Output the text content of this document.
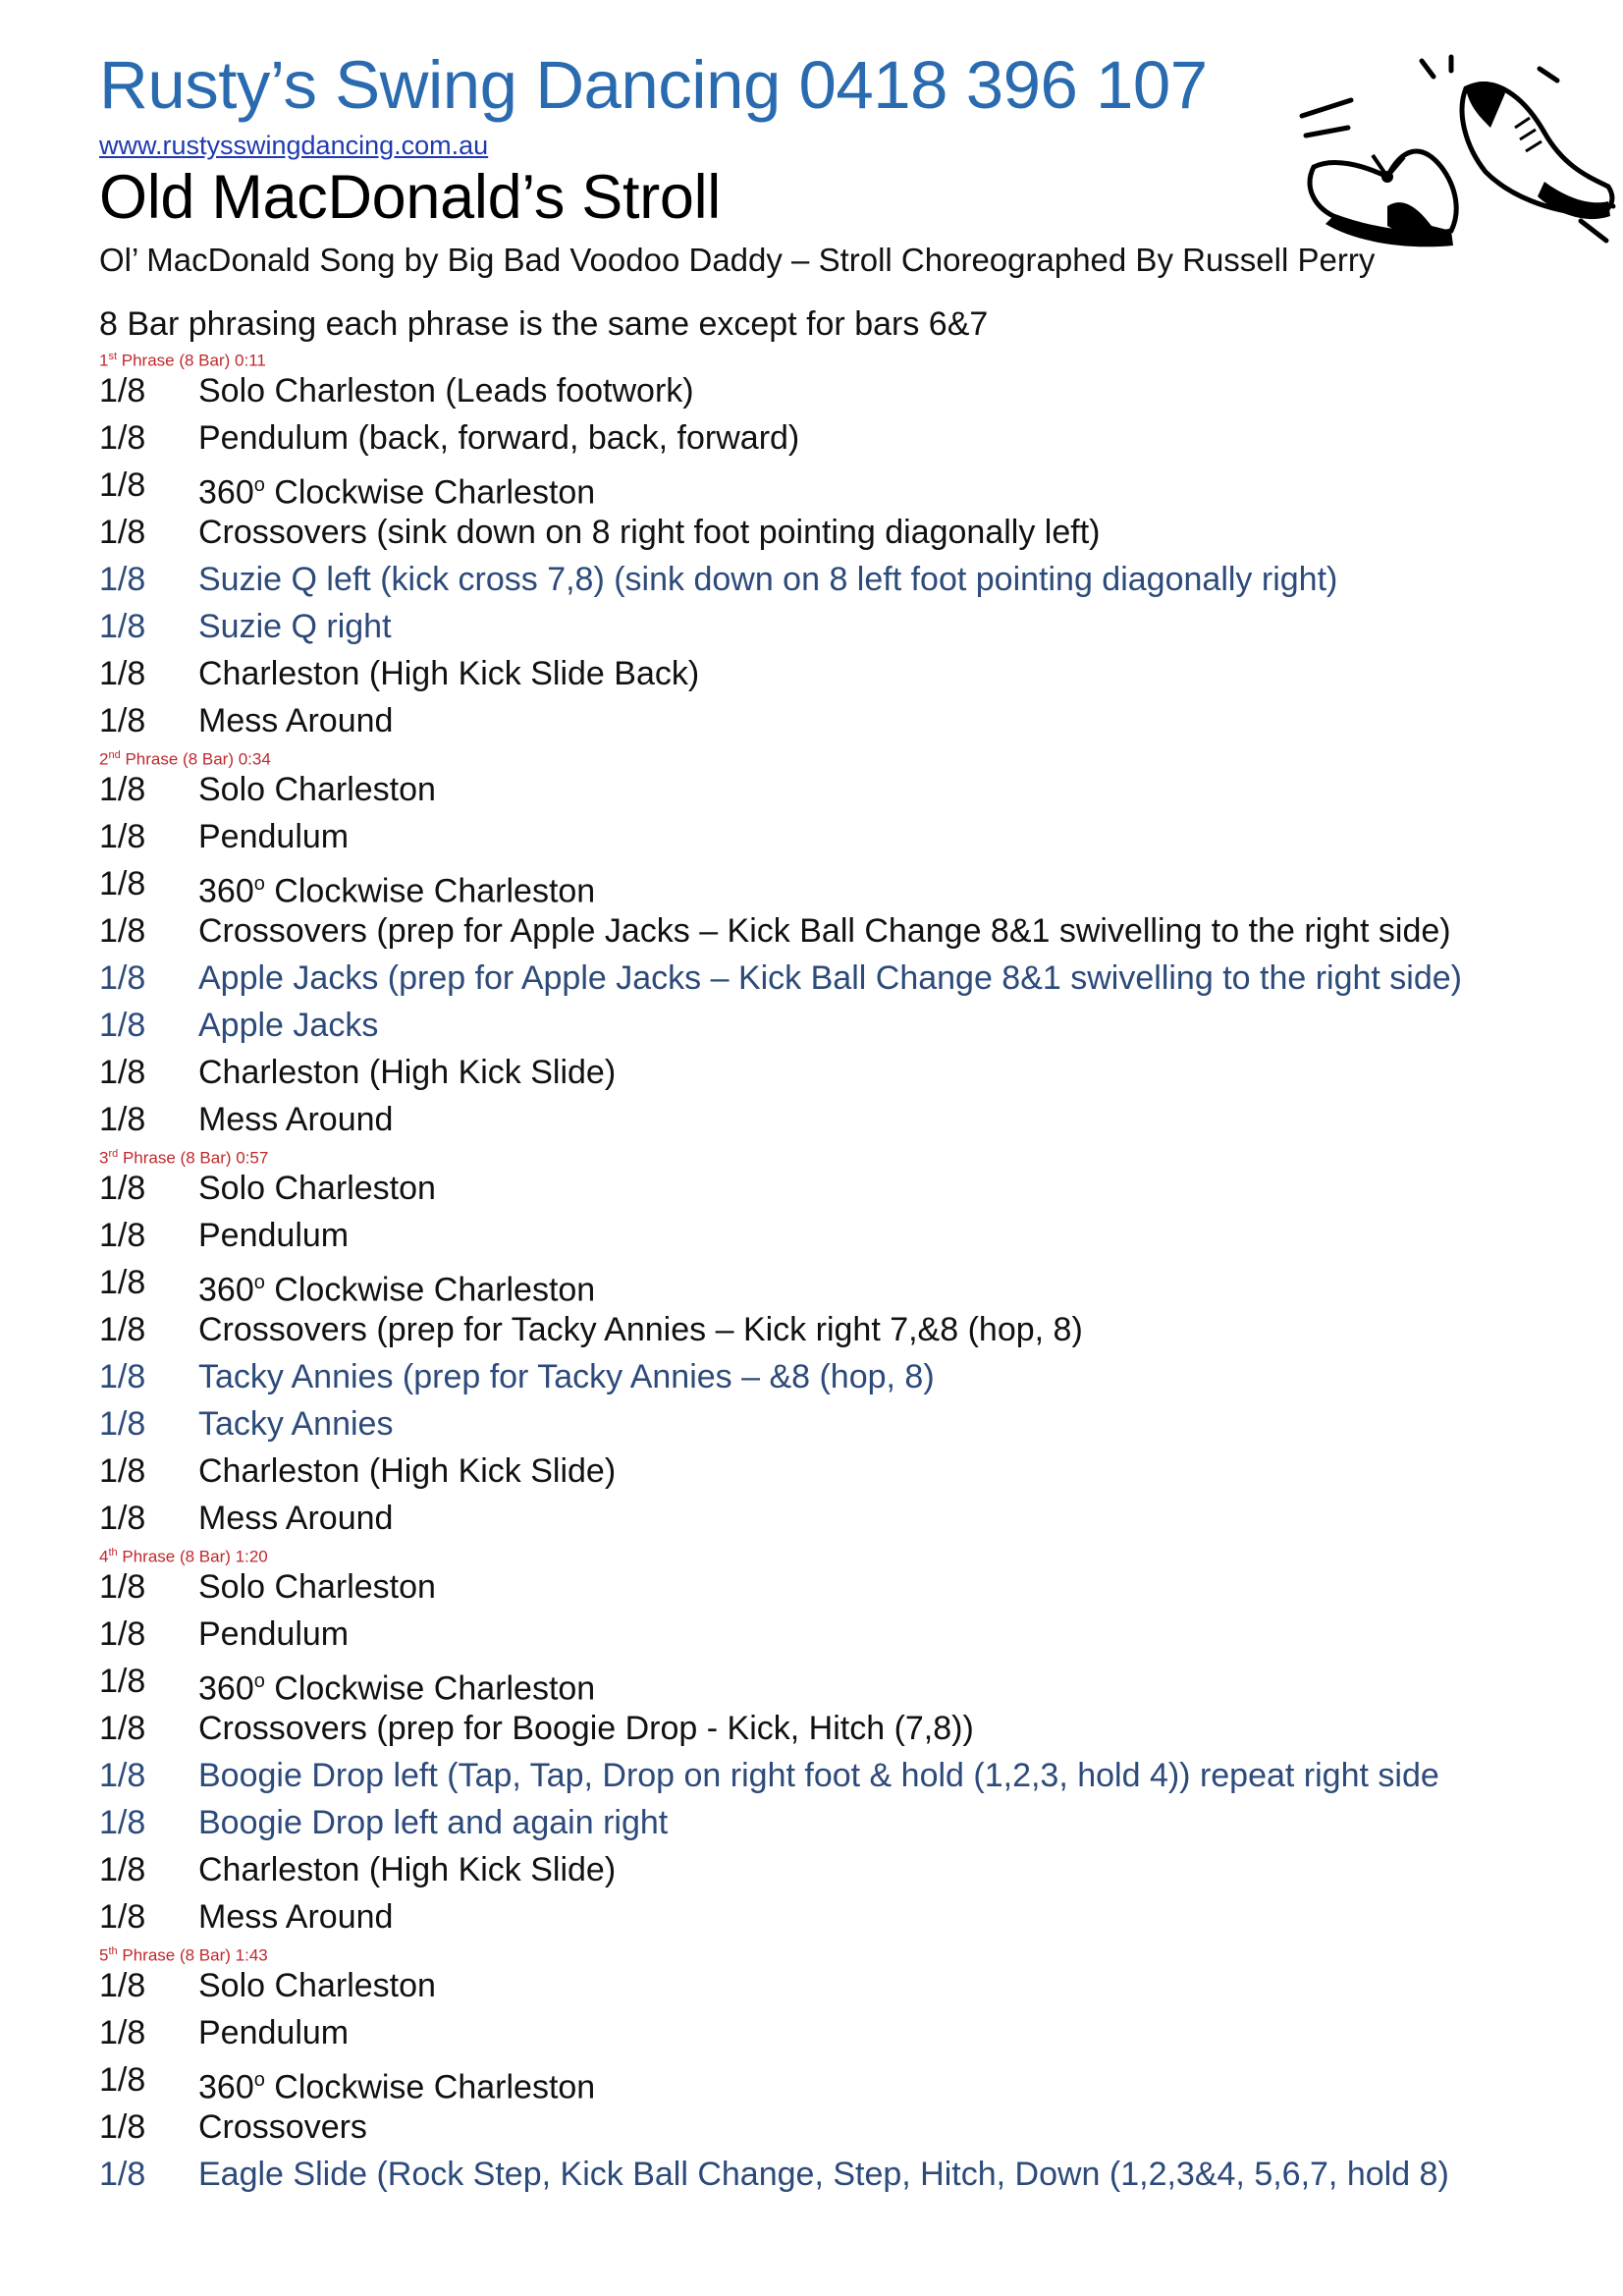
Rusty’s Swing Dancing 0418 396 107
www.rustysswingdancing.com.au
Old MacDonald’s Stroll
Ol’ MacDonald Song by Big Bad Voodoo Daddy – Stroll Choreographed By Russell Perry
8 Bar phrasing each phrase is the same except for bars 6&7
1st Phrase (8 Bar) 0:11
1/8	Solo Charleston (Leads footwork)
1/8	Pendulum (back, forward, back, forward)
1/8	360$^o$ Clockwise Charleston
1/8	Crossovers (sink down on 8 right foot pointing diagonally left)
1/8	Suzie Q left (kick cross 7,8) (sink down on 8 left foot pointing diagonally right)
1/8	Suzie Q right
1/8	Charleston (High Kick Slide Back)
1/8	Mess Around
2nd Phrase (8 Bar) 0:34
1/8	Solo Charleston
1/8	Pendulum
1/8	360$^o$ Clockwise Charleston
1/8	Crossovers (prep for Apple Jacks – Kick Ball Change 8&1 swivelling to the right side)
1/8	Apple Jacks (prep for Apple Jacks – Kick Ball Change 8&1 swivelling to the right side)
1/8	Apple Jacks
1/8	Charleston (High Kick Slide)
1/8	Mess Around
3rd Phrase (8 Bar) 0:57
1/8	Solo Charleston
1/8	Pendulum
1/8	360$^o$ Clockwise Charleston
1/8	Crossovers (prep for Tacky Annies – Kick right 7,&8 (hop, 8)
1/8	Tacky Annies (prep for Tacky Annies – &8 (hop, 8)
1/8	Tacky Annies
1/8	Charleston (High Kick Slide)
1/8	Mess Around
4th Phrase (8 Bar) 1:20
1/8	Solo Charleston
1/8	Pendulum
1/8	360$^o$ Clockwise Charleston
1/8	Crossovers (prep for Boogie Drop - Kick, Hitch (7,8))
1/8	Boogie Drop left (Tap, Tap, Drop on right foot & hold (1,2,3, hold 4)) repeat right side
1/8	Boogie Drop left and again right
1/8	Charleston (High Kick Slide)
1/8	Mess Around
5th Phrase (8 Bar) 1:43
1/8	Solo Charleston
1/8	Pendulum
1/8	360$^o$ Clockwise Charleston
1/8	Crossovers
1/8	Eagle Slide (Rock Step, Kick Ball Change, Step, Hitch, Down (1,2,3&4, 5,6,7, hold 8)
